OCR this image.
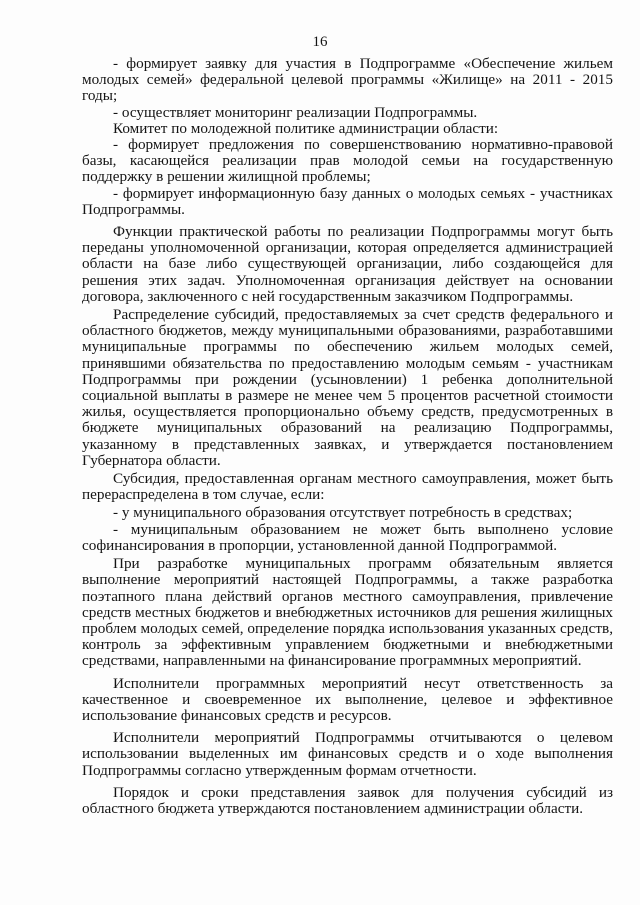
16

- формирует заявку для участия в Подпрограмме «Обеспечение жильем молодых семей» федеральной целевой программы «Жилище» на 2011 - 2015 годы;

- осуществляет мониторинг реализации Подпрограммы.

Комитет по молодежной политике администрации области:

- формирует предложения по совершенствованию нормативно-правовой базы, касающейся реализации прав молодой семьи на государственную поддержку в решении жилищной проблемы;

- формирует информационную базу данных о молодых семьях - участниках Подпрограммы.

Функции практической работы по реализации Подпрограммы могут быть переданы уполномоченной организации, которая определяется администрацией области на базе либо существующей организации, либо создающейся для решения этих задач. Уполномоченная организация действует на основании договора, заключенного с ней государственным заказчиком Подпрограммы.

Распределение субсидий, предоставляемых за счет средств федерального и областного бюджетов, между муниципальными образованиями, разработавшими муниципальные программы по обеспечению жильем молодых семей, принявшими обязательства по предоставлению молодым семьям - участникам Подпрограммы при рождении (усыновлении) 1 ребенка дополнительной социальной выплаты в размере не менее чем 5 процентов расчетной стоимости жилья, осуществляется пропорционально объему средств, предусмотренных в бюджете муниципальных образований на реализацию Подпрограммы, указанному в представленных заявках, и утверждается постановлением Губернатора области.

Субсидия, предоставленная органам местного самоуправления, может быть перераспределена в том случае, если:

- у муниципального образования отсутствует потребность в средствах;

- муниципальным образованием не может быть выполнено условие софинансирования в пропорции, установленной данной Подпрограммой.

При разработке муниципальных программ обязательным является выполнение мероприятий настоящей Подпрограммы, а также разработка поэтапного плана действий органов местного самоуправления, привлечение средств местных бюджетов и внебюджетных источников для решения жилищных проблем молодых семей, определение порядка использования указанных средств, контроль за эффективным управлением бюджетными и внебюджетными средствами, направленными на финансирование программных мероприятий.

Исполнители программных мероприятий несут ответственность за качественное и своевременное их выполнение, целевое и эффективное использование финансовых средств и ресурсов.

Исполнители мероприятий Подпрограммы отчитываются о целевом использовании выделенных им финансовых средств и о ходе выполнения Подпрограммы согласно утвержденным формам отчетности.

Порядок и сроки представления заявок для получения субсидий из областного бюджета утверждаются постановлением администрации области.
